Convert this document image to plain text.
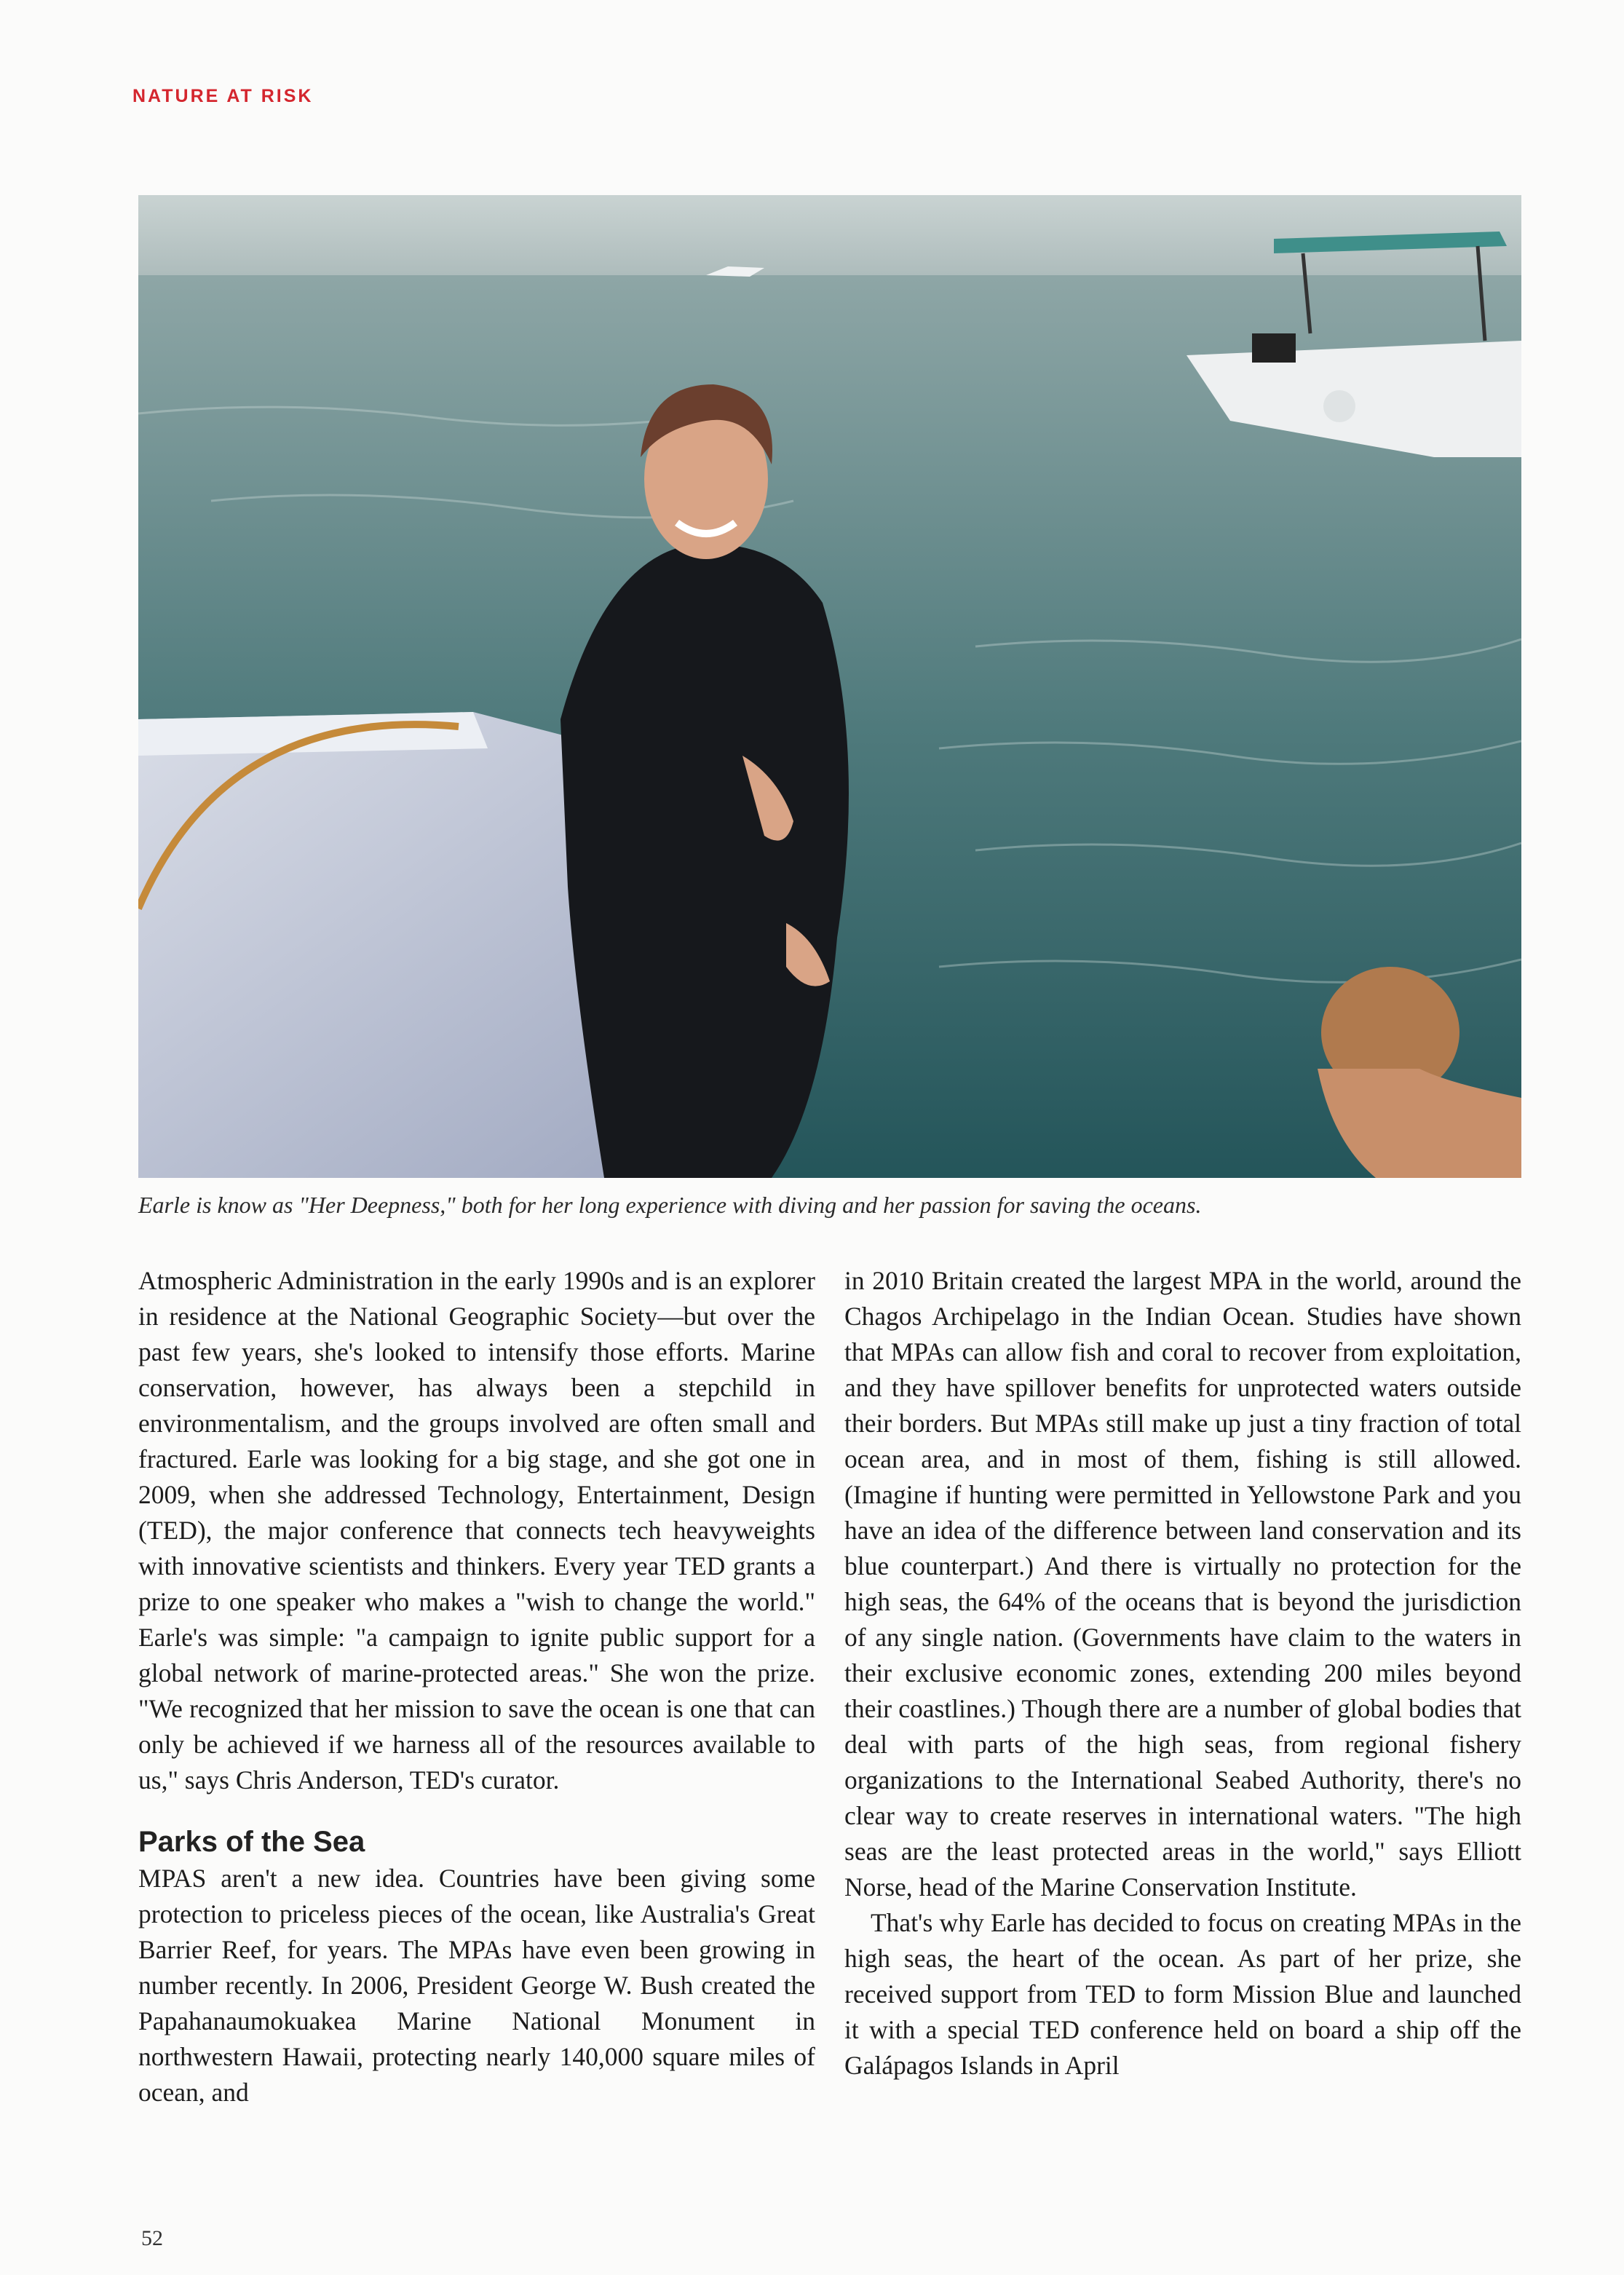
NATURE AT RISK
Earle is know as "Her Deepness," both for her long experience with diving and her passion for saving the oceans.

Atmospheric Administration in the early 1990s and is an explorer in residence at the National Geographic Society—but over the past few years, she's looked to intensify those efforts. Marine conservation, however, has always been a stepchild in environmentalism, and the groups involved are often small and fractured. Earle was looking for a big stage, and she got one in 2009, when she addressed Technology, Entertainment, Design (TED), the major conference that connects tech heavyweights with innovative scientists and thinkers. Every year TED grants a prize to one speaker who makes a "wish to change the world." Earle's was simple: "a campaign to ignite public support for a global network of marine-protected areas." She won the prize. "We recognized that her mission to save the ocean is one that can only be achieved if we harness all of the resources available to us," says Chris Anderson, TED's curator.

Parks of the Sea

MPAS aren't a new idea. Countries have been giving some protection to priceless pieces of the ocean, like Australia's Great Barrier Reef, for years. The MPAs have even been growing in number recently. In 2006, President George W. Bush created the Papahanaumokuakea Marine National Monument in northwestern Hawaii, protecting nearly 140,000 square miles of ocean, and

in 2010 Britain created the largest MPA in the world, around the Chagos Archipelago in the Indian Ocean. Studies have shown that MPAs can allow fish and coral to recover from exploitation, and they have spillover benefits for unprotected waters outside their borders. But MPAs still make up just a tiny fraction of total ocean area, and in most of them, fishing is still allowed. (Imagine if hunting were permitted in Yellowstone Park and you have an idea of the difference between land conservation and its blue counterpart.) And there is virtually no protection for the high seas, the 64% of the oceans that is beyond the jurisdiction of any single nation. (Governments have claim to the waters in their exclusive economic zones, extending 200 miles beyond their coastlines.) Though there are a number of global bodies that deal with parts of the high seas, from regional fishery organizations to the International Seabed Authority, there's no clear way to create reserves in international waters. "The high seas are the least protected areas in the world," says Elliott Norse, head of the Marine Conservation Institute.

That's why Earle has decided to focus on creating MPAs in the high seas, the heart of the ocean. As part of her prize, she received support from TED to form Mission Blue and launched it with a special TED conference held on board a ship off the Galápagos Islands in April

52
